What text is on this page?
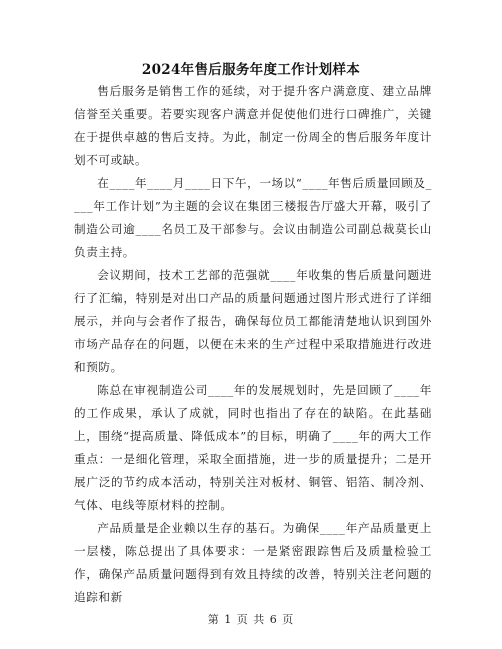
2024年售后服务年度工作计划样本

售后服务是销售工作的延续，对于提升客户满意度、建立品牌信誉至关重要。若要实现客户满意并促使他们进行口碑推广，关键在于提供卓越的售后支持。为此，制定一份周全的售后服务年度计划不可或缺。

在____年____月____日下午，一场以“____年售后质量回顾及____年工作计划”为主题的会议在集团三楼报告厅盛大开幕，吸引了制造公司逾____名员工及干部参与。会议由制造公司副总裁莫长山负责主持。

会议期间，技术工艺部的范强就____年收集的售后质量问题进行了汇编，特别是对出口产品的质量问题通过图片形式进行了详细展示，并向与会者作了报告，确保每位员工都能清楚地认识到国外市场产品存在的问题，以便在未来的生产过程中采取措施进行改进和预防。

陈总在审视制造公司____年的发展规划时，先是回顾了____年的工作成果，承认了成就，同时也指出了存在的缺陷。在此基础上，围绕“提高质量、降低成本”的目标，明确了____年的两大工作重点：一是细化管理，采取全面措施，进一步的质量提升；二是开展广泛的节约成本活动，特别关注对板材、铜管、铝箔、制冷剂、气体、电线等原材料的控制。

产品质量是企业赖以生存的基石。为确保____年产品质量更上一层楼，陈总提出了具体要求：一是紧密跟踪售后及质量检验工作，确保产品质量问题得到有效且持续的改善，特别关注老问题的追踪和新

第 1 页 共 6 页
